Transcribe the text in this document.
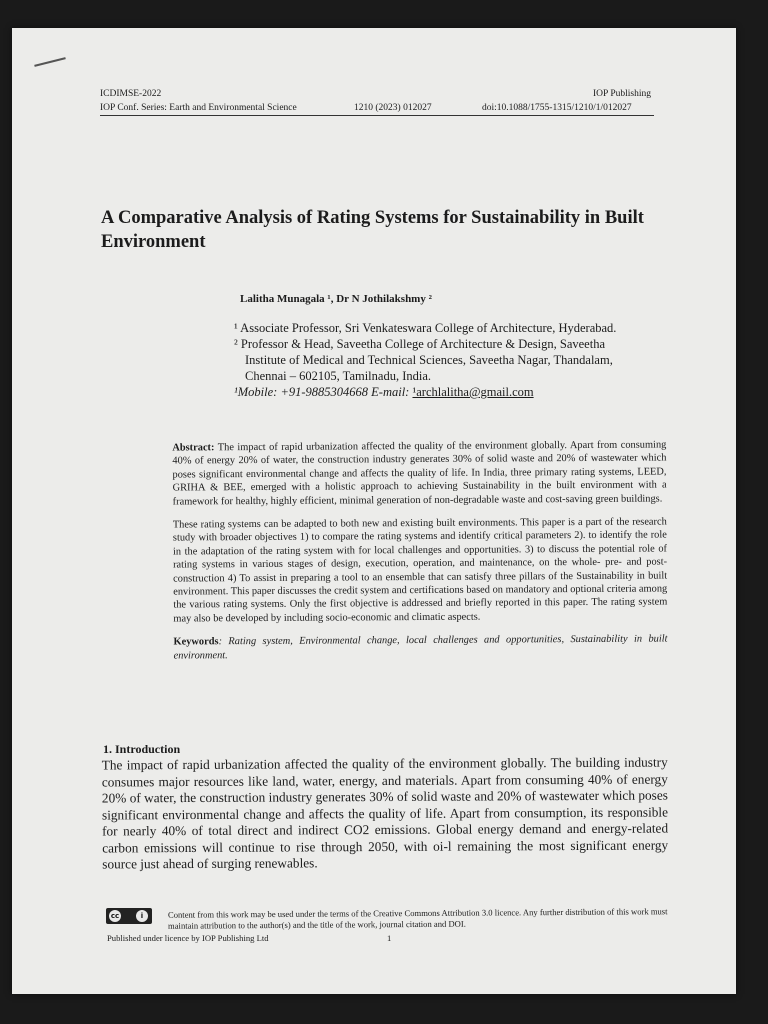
ICDIMSE-2022	IOP Publishing
IOP Conf. Series: Earth and Environmental Science	1210 (2023) 012027	doi:10.1088/1755-1315/1210/1/012027
A Comparative Analysis of Rating Systems for Sustainability in Built Environment
Lalitha Munagala ¹, Dr N Jothilakshmy ²
¹ Associate Professor, Sri Venkateswara College of Architecture, Hyderabad.
² Professor & Head, Saveetha College of Architecture & Design, Saveetha
Institute of Medical and Technical Sciences, Saveetha Nagar, Thandalam,
Chennai – 602105, Tamilnadu, India.
¹Mobile: +91-9885304668 E-mail: ¹archlalitha@gmail.com

Abstract: The impact of rapid urbanization affected the quality of the environment globally. Apart from consuming 40% of energy 20% of water, the construction industry generates 30% of solid waste and 20% of wastewater which poses significant environmental change and affects the quality of life. In India, three primary rating systems, LEED, GRIHA & BEE, emerged with a holistic approach to achieving Sustainability in the built environment with a framework for healthy, highly efficient, minimal generation of non-degradable waste and cost-saving green buildings.

These rating systems can be adapted to both new and existing built environments. This paper is a part of the research study with broader objectives 1) to compare the rating systems and identify critical parameters 2). to identify the role in the adaptation of the rating system with for local challenges and opportunities. 3) to discuss the potential role of rating systems in various stages of design, execution, operation, and maintenance, on the whole- pre- and post-construction 4) To assist in preparing a tool to an ensemble that can satisfy three pillars of the Sustainability in built environment. This paper discusses the credit system and certifications based on mandatory and optional criteria among the various rating systems. Only the first objective is addressed and briefly reported in this paper. The rating system may also be developed by including socio-economic and climatic aspects.

Keywords: Rating system, Environmental change, local challenges and opportunities, Sustainability in built environment.

1. Introduction

The impact of rapid urbanization affected the quality of the environment globally. The building industry consumes major resources like land, water, energy, and materials. Apart from consuming 40% of energy 20% of water, the construction industry generates 30% of solid waste and 20% of wastewater which poses significant environmental change and affects the quality of life. Apart from consumption, its responsible for nearly 40% of total direct and indirect CO2 emissions. Global energy demand and energy-related carbon emissions will continue to rise through 2050, with oi-l remaining the most significant energy source just ahead of surging renewables.

cc	i	Content from this work may be used under the terms of the Creative Commons Attribution 3.0 licence. Any further distribution of this work must maintain attribution to the author(s) and the title of the work, journal citation and DOI.
Published under licence by IOP Publishing Ltd	1
